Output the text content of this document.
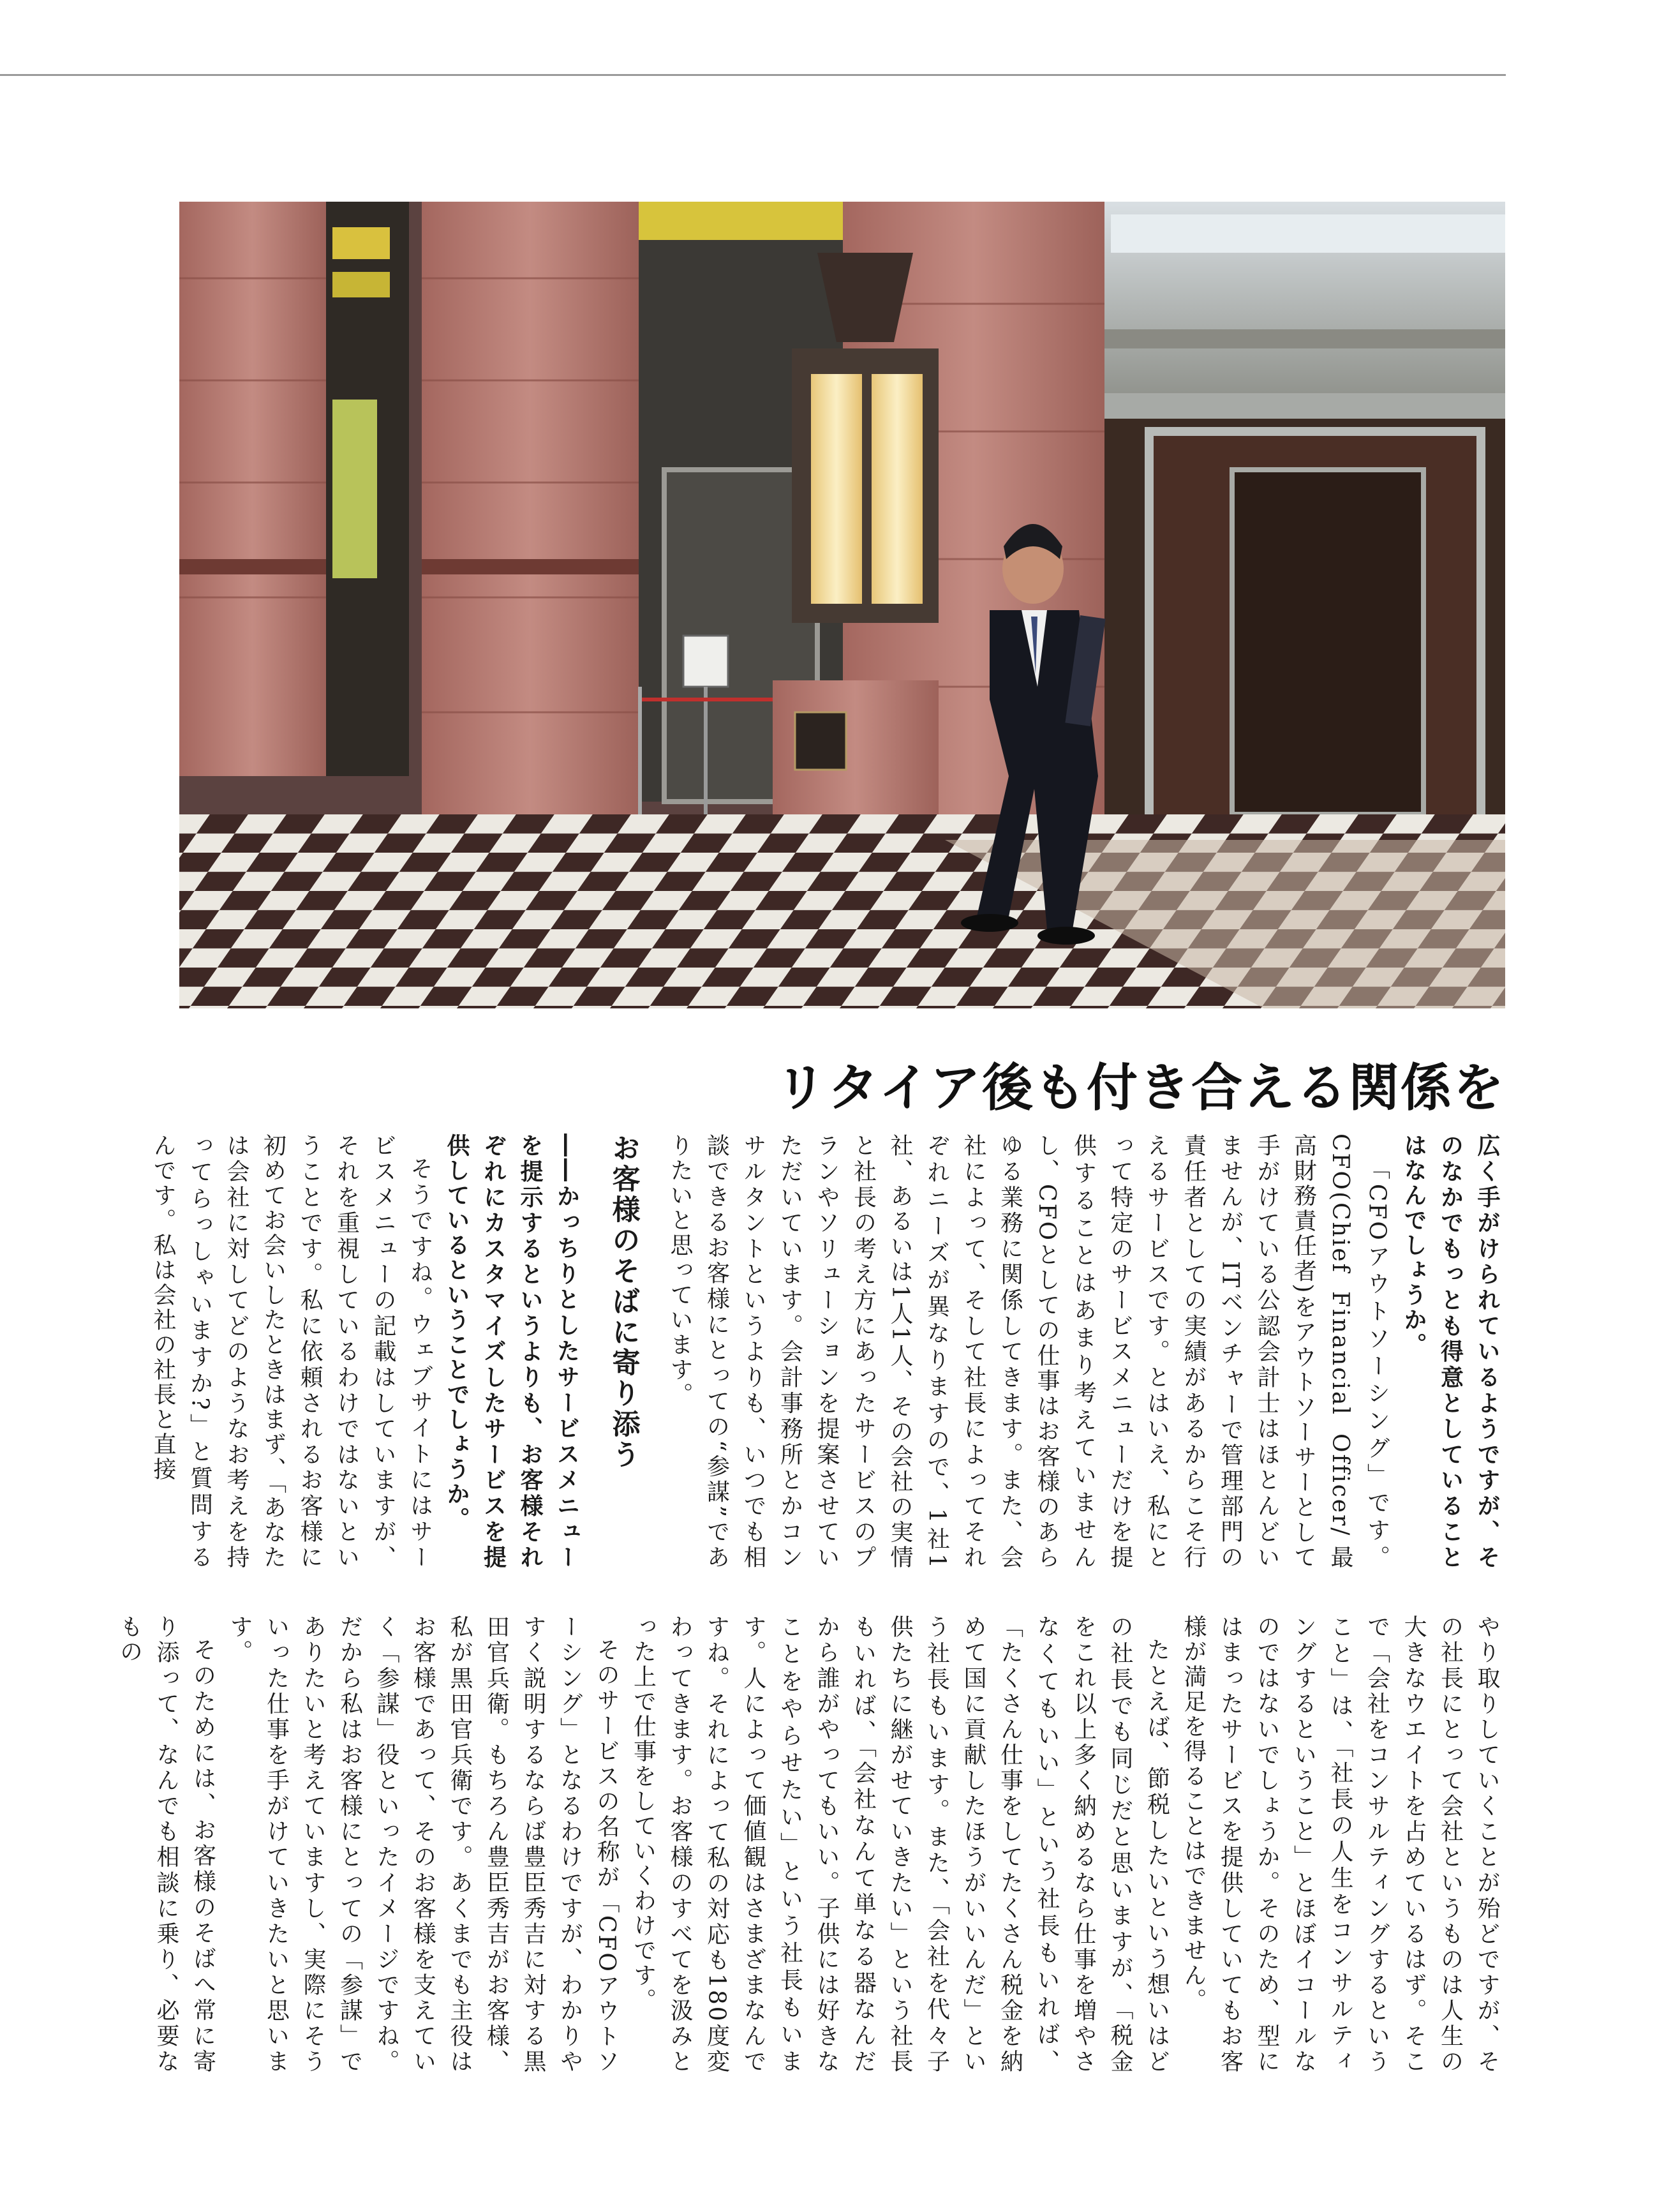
リタイア後も付き合える関係を

広く手がけられているようですが、そのなかでもっとも得意としていることはなんでしょうか。

「CFOアウトソーシング」です。CFO(Chief Financial Officer/最高財務責任者)をアウトソーサーとして手がけている公認会計士はほとんどいませんが、ITベンチャーで管理部門の責任者としての実績があるからこそ行えるサービスです。とはいえ、私にとって特定のサービスメニューだけを提供することはあまり考えていませんし、CFOとしての仕事はお客様のあらゆる業務に関係してきます。また、会社によって、そして社長によってそれぞれニーズが異なりますので、1社1社、あるいは1人1人、その会社の実情と社長の考え方にあったサービスのプランやソリューションを提案させていただいています。会計事務所とかコンサルタントというよりも、いつでも相談できるお客様にとっての“参謀”でありたいと思っています。

お客様のそばに寄り添う

――かっちりとしたサービスメニューを提示するというよりも、お客様それぞれにカスタマイズしたサービスを提供しているということでしょうか。

そうですね。ウェブサイトにはサービスメニューの記載はしていますが、それを重視しているわけではないということです。私に依頼されるお客様に初めてお会いしたときはまず、「あなたは会社に対してどのようなお考えを持ってらっしゃいますか?」と質問するんです。私は会社の社長と直接

やり取りしていくことが殆どですが、その社長にとって会社というものは人生の大きなウエイトを占めているはず。そこで「会社をコンサルティングするということ」は、「社長の人生をコンサルティングするということ」とほぼイコールなのではないでしょうか。そのため、型にはまったサービスを提供していてもお客様が満足を得ることはできません。

たとえば、節税したいという想いはどの社長でも同じだと思いますが、「税金をこれ以上多く納めるなら仕事を増やさなくてもいい」という社長もいれば、「たくさん仕事をしてたくさん税金を納めて国に貢献したほうがいいんだ」という社長もいます。また、「会社を代々子供たちに継がせていきたい」という社長もいれば、「会社なんて単なる器なんだから誰がやってもいい。子供には好きなことをやらせたい」という社長もいます。人によって価値観はさまざまなんですね。それによって私の対応も180度変わってきます。お客様のすべてを汲みとった上で仕事をしていくわけです。

そのサービスの名称が「CFOアウトソーシング」となるわけですが、わかりやすく説明するならば豊臣秀吉に対する黒田官兵衛。もちろん豊臣秀吉がお客様、私が黒田官兵衛です。あくまでも主役はお客様であって、そのお客様を支えていく「参謀」役といったイメージですね。だから私はお客様にとっての「参謀」でありたいと考えていますし、実際にそういった仕事を手がけていきたいと思います。

そのためには、お客様のそばへ常に寄り添って、なんでも相談に乗り、必要なもの
